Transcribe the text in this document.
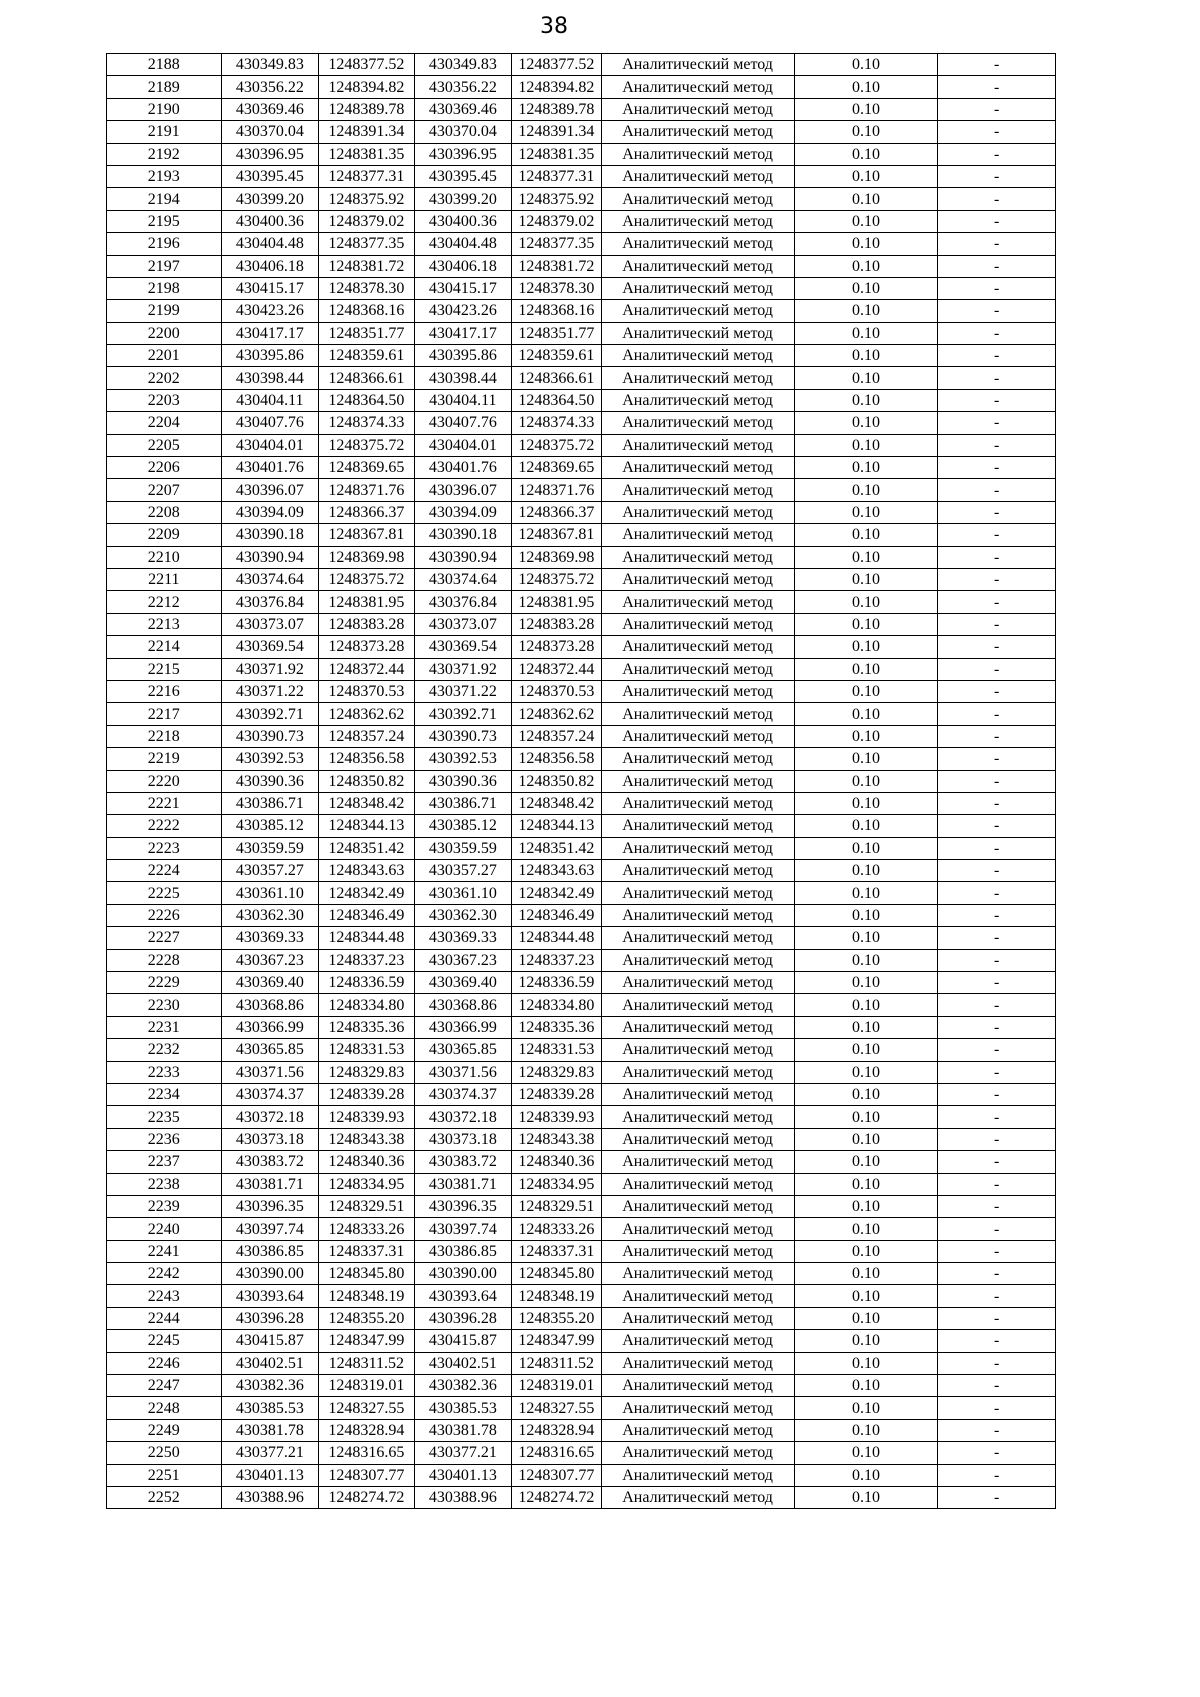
38
2188	430349.83	1248377.52	430349.83	1248377.52	Аналитический метод	0.10	-
2189	430356.22	1248394.82	430356.22	1248394.82	Аналитический метод	0.10	-
2190	430369.46	1248389.78	430369.46	1248389.78	Аналитический метод	0.10	-
2191	430370.04	1248391.34	430370.04	1248391.34	Аналитический метод	0.10	-
2192	430396.95	1248381.35	430396.95	1248381.35	Аналитический метод	0.10	-
2193	430395.45	1248377.31	430395.45	1248377.31	Аналитический метод	0.10	-
2194	430399.20	1248375.92	430399.20	1248375.92	Аналитический метод	0.10	-
2195	430400.36	1248379.02	430400.36	1248379.02	Аналитический метод	0.10	-
2196	430404.48	1248377.35	430404.48	1248377.35	Аналитический метод	0.10	-
2197	430406.18	1248381.72	430406.18	1248381.72	Аналитический метод	0.10	-
2198	430415.17	1248378.30	430415.17	1248378.30	Аналитический метод	0.10	-
2199	430423.26	1248368.16	430423.26	1248368.16	Аналитический метод	0.10	-
2200	430417.17	1248351.77	430417.17	1248351.77	Аналитический метод	0.10	-
2201	430395.86	1248359.61	430395.86	1248359.61	Аналитический метод	0.10	-
2202	430398.44	1248366.61	430398.44	1248366.61	Аналитический метод	0.10	-
2203	430404.11	1248364.50	430404.11	1248364.50	Аналитический метод	0.10	-
2204	430407.76	1248374.33	430407.76	1248374.33	Аналитический метод	0.10	-
2205	430404.01	1248375.72	430404.01	1248375.72	Аналитический метод	0.10	-
2206	430401.76	1248369.65	430401.76	1248369.65	Аналитический метод	0.10	-
2207	430396.07	1248371.76	430396.07	1248371.76	Аналитический метод	0.10	-
2208	430394.09	1248366.37	430394.09	1248366.37	Аналитический метод	0.10	-
2209	430390.18	1248367.81	430390.18	1248367.81	Аналитический метод	0.10	-
2210	430390.94	1248369.98	430390.94	1248369.98	Аналитический метод	0.10	-
2211	430374.64	1248375.72	430374.64	1248375.72	Аналитический метод	0.10	-
2212	430376.84	1248381.95	430376.84	1248381.95	Аналитический метод	0.10	-
2213	430373.07	1248383.28	430373.07	1248383.28	Аналитический метод	0.10	-
2214	430369.54	1248373.28	430369.54	1248373.28	Аналитический метод	0.10	-
2215	430371.92	1248372.44	430371.92	1248372.44	Аналитический метод	0.10	-
2216	430371.22	1248370.53	430371.22	1248370.53	Аналитический метод	0.10	-
2217	430392.71	1248362.62	430392.71	1248362.62	Аналитический метод	0.10	-
2218	430390.73	1248357.24	430390.73	1248357.24	Аналитический метод	0.10	-
2219	430392.53	1248356.58	430392.53	1248356.58	Аналитический метод	0.10	-
2220	430390.36	1248350.82	430390.36	1248350.82	Аналитический метод	0.10	-
2221	430386.71	1248348.42	430386.71	1248348.42	Аналитический метод	0.10	-
2222	430385.12	1248344.13	430385.12	1248344.13	Аналитический метод	0.10	-
2223	430359.59	1248351.42	430359.59	1248351.42	Аналитический метод	0.10	-
2224	430357.27	1248343.63	430357.27	1248343.63	Аналитический метод	0.10	-
2225	430361.10	1248342.49	430361.10	1248342.49	Аналитический метод	0.10	-
2226	430362.30	1248346.49	430362.30	1248346.49	Аналитический метод	0.10	-
2227	430369.33	1248344.48	430369.33	1248344.48	Аналитический метод	0.10	-
2228	430367.23	1248337.23	430367.23	1248337.23	Аналитический метод	0.10	-
2229	430369.40	1248336.59	430369.40	1248336.59	Аналитический метод	0.10	-
2230	430368.86	1248334.80	430368.86	1248334.80	Аналитический метод	0.10	-
2231	430366.99	1248335.36	430366.99	1248335.36	Аналитический метод	0.10	-
2232	430365.85	1248331.53	430365.85	1248331.53	Аналитический метод	0.10	-
2233	430371.56	1248329.83	430371.56	1248329.83	Аналитический метод	0.10	-
2234	430374.37	1248339.28	430374.37	1248339.28	Аналитический метод	0.10	-
2235	430372.18	1248339.93	430372.18	1248339.93	Аналитический метод	0.10	-
2236	430373.18	1248343.38	430373.18	1248343.38	Аналитический метод	0.10	-
2237	430383.72	1248340.36	430383.72	1248340.36	Аналитический метод	0.10	-
2238	430381.71	1248334.95	430381.71	1248334.95	Аналитический метод	0.10	-
2239	430396.35	1248329.51	430396.35	1248329.51	Аналитический метод	0.10	-
2240	430397.74	1248333.26	430397.74	1248333.26	Аналитический метод	0.10	-
2241	430386.85	1248337.31	430386.85	1248337.31	Аналитический метод	0.10	-
2242	430390.00	1248345.80	430390.00	1248345.80	Аналитический метод	0.10	-
2243	430393.64	1248348.19	430393.64	1248348.19	Аналитический метод	0.10	-
2244	430396.28	1248355.20	430396.28	1248355.20	Аналитический метод	0.10	-
2245	430415.87	1248347.99	430415.87	1248347.99	Аналитический метод	0.10	-
2246	430402.51	1248311.52	430402.51	1248311.52	Аналитический метод	0.10	-
2247	430382.36	1248319.01	430382.36	1248319.01	Аналитический метод	0.10	-
2248	430385.53	1248327.55	430385.53	1248327.55	Аналитический метод	0.10	-
2249	430381.78	1248328.94	430381.78	1248328.94	Аналитический метод	0.10	-
2250	430377.21	1248316.65	430377.21	1248316.65	Аналитический метод	0.10	-
2251	430401.13	1248307.77	430401.13	1248307.77	Аналитический метод	0.10	-
2252	430388.96	1248274.72	430388.96	1248274.72	Аналитический метод	0.10	-
